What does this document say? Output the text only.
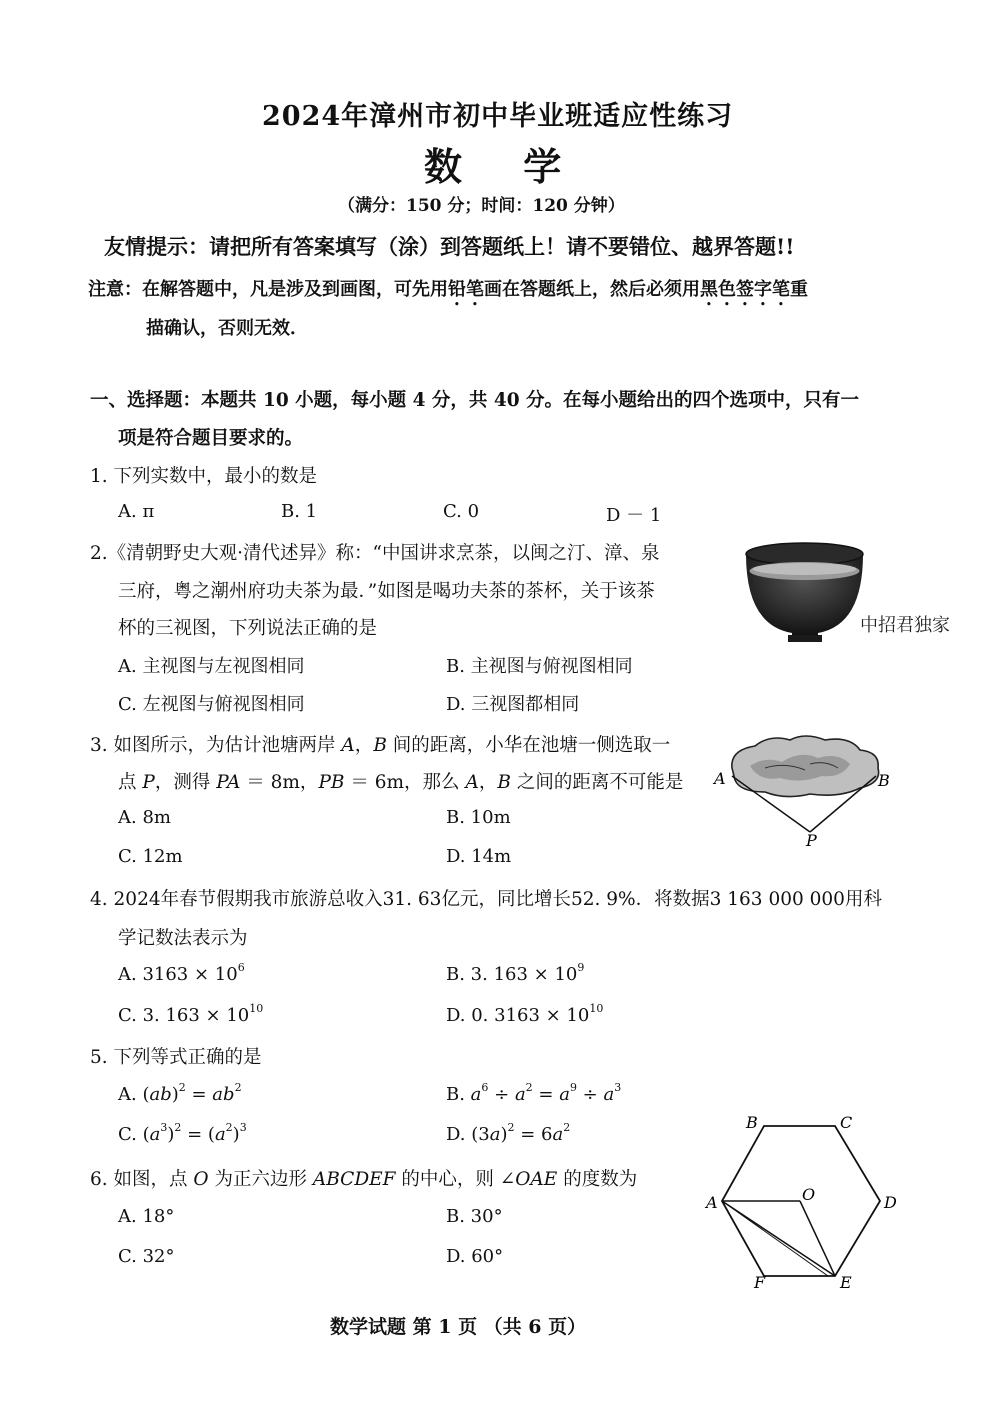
2024年漳州市初中毕业班适应性练习
数 学
（满分：150 分；时间：120 分钟）
友情提示：请把所有答案填写（涂）到答题纸上！请不要错位、越界答题!!
注意：在解答题中，凡是涉及到画图，可先用铅笔画在答题纸上，然后必须用黑色签字笔重
描确认，否则无效．
一、选择题：本题共 10 小题，每小题 4 分，共 40 分。在每小题给出的四个选项中，只有一
项是符合题目要求的。
1. 下列实数中，最小的数是
A. π	B. 1	C. 0	D － 1
2.《清朝野史大观·清代述异》称：“中国讲求烹茶，以闽之汀、漳、泉
三府，粤之潮州府功夫茶为最．”如图是喝功夫茶的茶杯，关于该茶
杯的三视图，下列说法正确的是
A. 主视图与左视图相同	B. 主视图与俯视图相同
C. 左视图与俯视图相同	D. 三视图都相同
中招君独家
3. 如图所示，为估计池塘两岸 A，B 间的距离，小华在池塘一侧选取一
点 P，测得 PA ＝ 8m，PB ＝ 6m，那么 A，B 之间的距离不可能是
A. 8m	B. 10m
C. 12m	D. 14m
A	B
P
4. 2024年春节假期我市旅游总收入31. 63亿元，同比增长52. 9%．将数据3 163 000 000用科
学记数法表示为
A. $3163 \times 10^6$	B. 3. $163 \times 10^9$
C. 3. $163 \times 10^{10}$	D. 0. $3163 \times 10^{10}$
5. 下列等式正确的是
A. $(ab)^2 = ab^2$	B. $a^6 \div a^2 = a^9 \div a^3$
C. $(a^3)^2 = (a^2)^3$	D. $(3a)^2 = 6a^2$
6. 如图，点 O 为正六边形 ABCDEF 的中心，则 ∠OAE 的度数为
A. 18°	B. 30°
C. 32°	D. 60°
B	C
D
E
F
A	O
数学试题 第 1 页 （共 6 页）
